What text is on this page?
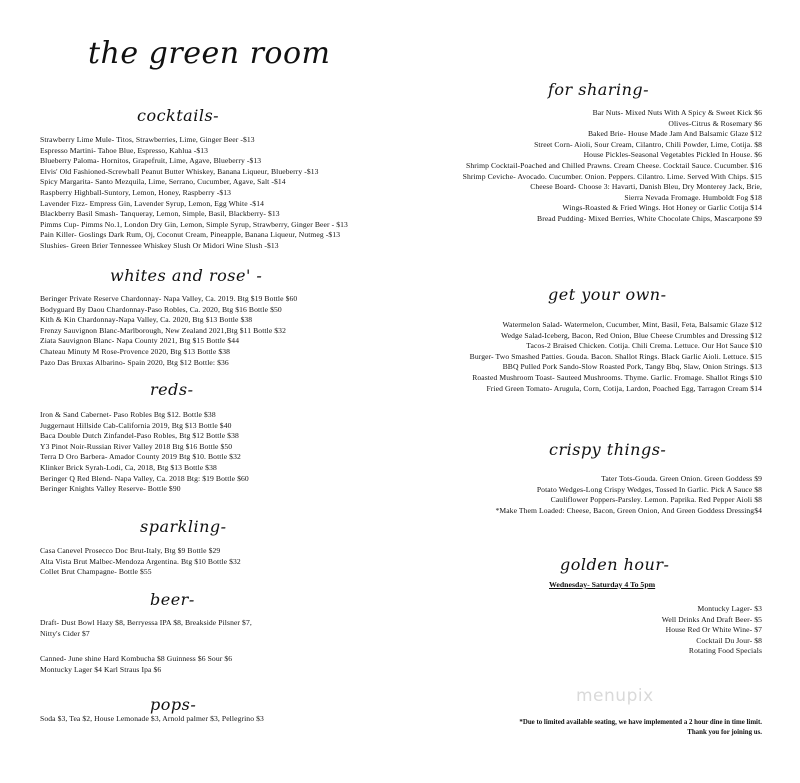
the green room
cocktails-
Strawberry Lime Mule- Titos, Strawberries, Lime, Ginger Beer -$13
Espresso Martini- Tahoe Blue, Espresso, Kahlua -$13
Blueberry Paloma- Hornitos, Grapefruit, Lime, Agave, Blueberry -$13
Elvis' Old Fashioned-Screwball Peanut Butter Whiskey, Banana Liqueur, Blueberry -$13
Spicy Margarita- Santo Mezquila, Lime, Serrano, Cucumber, Agave, Salt -$14
Raspberry Highball-Suntory, Lemon, Honey, Raspberry -$13
Lavender Fizz- Empress Gin, Lavender Syrup, Lemon, Egg White -$14
Blackberry Basil Smash- Tanqueray, Lemon, Simple, Basil, Blackberry- $13
Pimms Cup- Pimms No.1, London Dry Gin, Lemon, Simple Syrup, Strawberry, Ginger Beer - $13
Pain Killer- Goslings Dark Rum, Oj, Coconut Cream, Pineapple, Banana Liqueur, Nutmeg -$13
Slushies- Green Brier Tennessee Whiskey Slush Or Midori Wine Slush -$13
whites and rose' -
Beringer Private Reserve Chardonnay- Napa Valley, Ca. 2019. Btg $19 Bottle $60
Bodyguard By Daou Chardonnay-Paso Robles, Ca. 2020, Btg $16 Bottle $50
Kith & Kin Chardonnay-Napa Valley, Ca. 2020, Btg $13 Bottle $38
Frenzy Sauvignon Blanc-Marlborough, New Zealand 2021,Btg $11 Bottle $32
Ziata Sauvignon Blanc- Napa County 2021, Btg $15 Bottle $44
Chateau Minuty M Rose-Provence 2020, Btg $13 Bottle $38
Pazo Das Bruxas Albarino- Spain 2020, Btg $12 Bottle: $36
reds-
Iron & Sand Cabernet- Paso Robles Btg $12. Bottle $38
Juggernaut Hillside Cab-California 2019, Btg $13 Bottle $40
Baca Double Dutch Zinfandel-Paso Robles, Btg $12 Bottle $38
Y3 Pinot Noir-Russian River Valley 2018 Btg $16 Bottle $50
Terra D Oro Barbera- Amador County 2019 Btg $10. Bottle $32
Klinker Brick Syrah-Lodi, Ca, 2018, Btg $13 Bottle $38
Beringer Q Red Blend- Napa Valley, Ca. 2018 Btg: $19 Bottle $60
Beringer Knights Valley Reserve- Bottle $90
sparkling-
Casa Canevel Prosecco Doc Brut-Italy, Btg $9 Bottle $29
Alta Vista Brut Malbec-Mendoza Argentina. Btg $10 Bottle $32
Collet Brut Champagne- Bottle $55
beer-
Draft- Dust Bowl Hazy $8, Berryessa IPA $8, Breakside Pilsner $7,
Nitty's Cider $7
Canned- June shine Hard Kombucha $8 Guinness $6 Sour $6
Montucky Lager $4 Karl Straus Ipa $6
pops-
Soda $3, Tea $2, House Lemonade $3, Arnold palmer $3, Pellegrino $3
for sharing-
Bar Nuts- Mixed Nuts With A Spicy & Sweet Kick $6
Olives-Citrus & Rosemary $6
Baked Brie- House Made Jam And Balsamic Glaze $12
Street Corn- Aioli, Sour Cream, Cilantro, Chili Powder, Lime, Cotija. $8
House Pickles-Seasonal Vegetables Pickled In House. $6
Shrimp Cocktail-Poached and Chilled Prawns. Cream Cheese. Cocktail Sauce. Cucumber. $16
Shrimp Ceviche- Avocado. Cucumber. Onion. Peppers. Cilantro. Lime. Served With Chips. $15
Cheese Board- Choose 3: Havarti, Danish Bleu, Dry Monterey Jack, Brie,
Sierra Nevada Fromage. Humboldt Fog $18
Wings-Roasted & Fried Wings. Hot Honey or Garlic Cotija $14
Bread Pudding- Mixed Berries, White Chocolate Chips, Mascarpone $9
get your own-
Watermelon Salad- Watermelon, Cucumber, Mint, Basil, Feta, Balsamic Glaze $12
Wedge Salad-Iceberg, Bacon, Red Onion, Blue Cheese Crumbles and Dressing $12
Tacos-2 Braised Chicken. Cotija. Chili Crema. Lettuce. Our Hot Sauce $10
Burger- Two Smashed Patties. Gouda. Bacon. Shallot Rings. Black Garlic Aioli. Lettuce. $15
BBQ Pulled Pork Sando-Slow Roasted Pork, Tangy Bbq, Slaw, Onion Strings. $13
Roasted Mushroom Toast- Sauteed Mushrooms. Thyme. Garlic. Fromage. Shallot Rings $10
Fried Green Tomato- Arugula, Corn, Cotija, Lardon, Poached Egg, Tarragon Cream $14
crispy things-
Tater Tots-Gouda. Green Onion. Green Goddess $9
Potato Wedges-Long Crispy Wedges, Tossed In Garlic. Pick A Sauce $8
Cauliflower Poppers-Parsley. Lemon. Paprika. Red Pepper Aioli $8
*Make Them Loaded: Cheese, Bacon, Green Onion, And Green Goddess Dressing$4
golden hour-
Wednesday- Saturday 4 To 5pm
Montucky Lager- $3
Well Drinks And Draft Beer- $5
House Red Or White Wine- $7
Cocktail Du Jour- $8
Rotating Food Specials
menupix
*Due to limited available seating, we have implemented a 2 hour dine in time limit.
Thank you for joining us.
